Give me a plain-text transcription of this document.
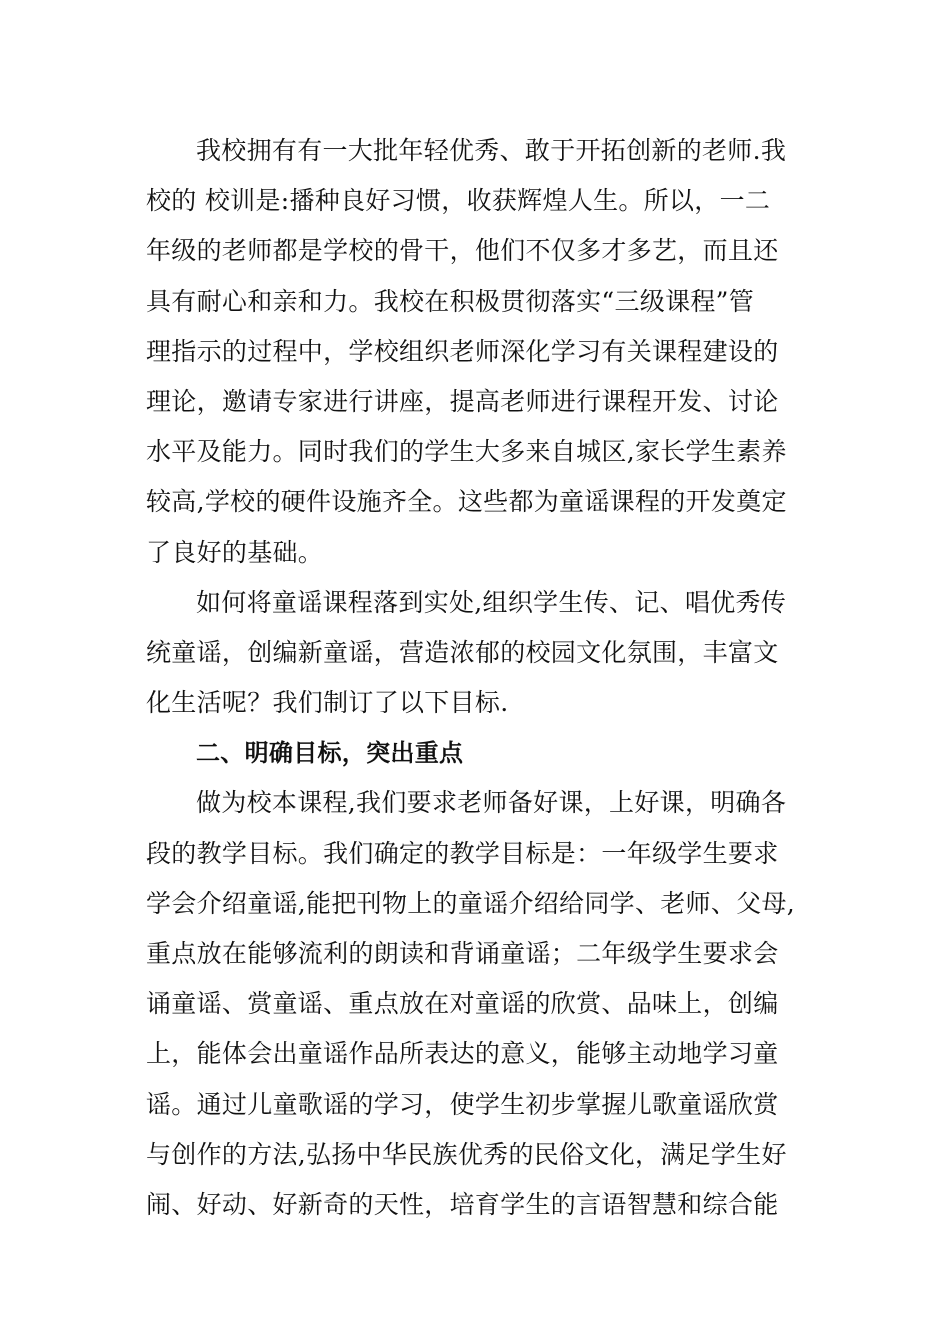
我校拥有有一大批年轻优秀、敢于开拓创新的老师.我
校的 校训是:播种良好习惯，收获辉煌人生。所以，一二
年级的老师都是学校的骨干，他们不仅多才多艺，而且还
具有耐心和亲和力。我校在积极贯彻落实“三级课程”管
理指示的过程中，学校组织老师深化学习有关课程建设的
理论，邀请专家进行讲座，提高老师进行课程开发、讨论
水平及能力。同时我们的学生大多来自城区,家长学生素养
较高,学校的硬件设施齐全。这些都为童谣课程的开发奠定
了良好的基础。
如何将童谣课程落到实处,组织学生传、记、唱优秀传
统童谣，创编新童谣，营造浓郁的校园文化氛围，丰富文
化生活呢？我们制订了以下目标.
二、明确目标，突出重点
做为校本课程,我们要求老师备好课，上好课，明确各
段的教学目标。我们确定的教学目标是：一年级学生要求
学会介绍童谣,能把刊物上的童谣介绍给同学、老师、父母,
重点放在能够流利的朗读和背诵童谣；二年级学生要求会
诵童谣、赏童谣、重点放在对童谣的欣赏、品味上，创编
上，能体会出童谣作品所表达的意义，能够主动地学习童
谣。通过儿童歌谣的学习，使学生初步掌握儿歌童谣欣赏
与创作的方法,弘扬中华民族优秀的民俗文化，满足学生好
闹、好动、好新奇的天性，培育学生的言语智慧和综合能
